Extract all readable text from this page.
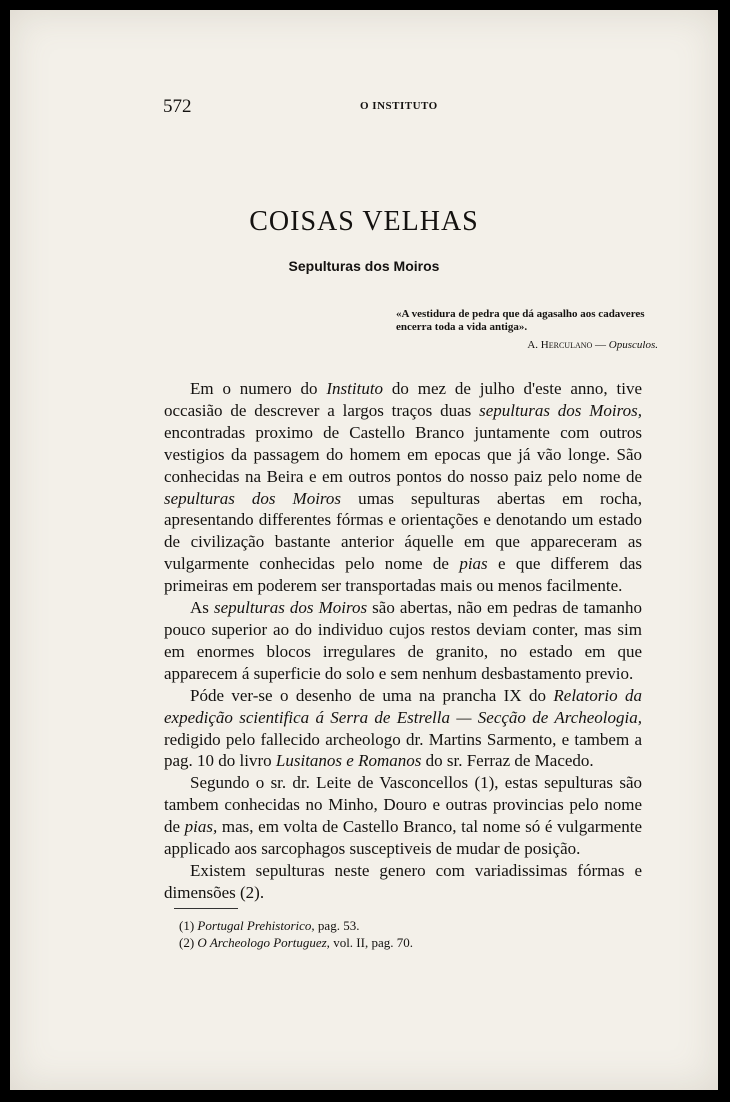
572	O INSTITUTO
COISAS VELHAS
Sepulturas dos Moiros

«A vestidura de pedra que dá agasalho aos cadaveres encerra toda a vida antiga».

A. Herculano — Opusculos.

Em o numero do Instituto do mez de julho d'este anno, tive occasião de descrever a largos traços duas sepulturas dos Moiros, encontradas proximo de Castello Branco juntamente com outros vestigios da passagem do homem em epocas que já vão longe. São conhecidas na Beira e em outros pontos do nosso paiz pelo nome de sepulturas dos Moiros umas sepulturas abertas em rocha, apresentando differentes fórmas e orientações e denotando um estado de civilização bastante anterior áquelle em que appareceram as vulgarmente conhecidas pelo nome de pias e que differem das primeiras em poderem ser transportadas mais ou menos facilmente.

As sepulturas dos Moiros são abertas, não em pedras de tamanho pouco superior ao do individuo cujos restos deviam conter, mas sim em enormes blocos irregulares de granito, no estado em que apparecem á superficie do solo e sem nenhum desbastamento previo.

Póde ver-se o desenho de uma na prancha IX do Relatorio da expedição scientifica á Serra de Estrella — Secção de Archeologia, redigido pelo fallecido archeologo dr. Martins Sarmento, e tambem a pag. 10 do livro Lusitanos e Romanos do sr. Ferraz de Macedo.

Segundo o sr. dr. Leite de Vasconcellos (1), estas sepulturas são tambem conhecidas no Minho, Douro e outras provincias pelo nome de pias, mas, em volta de Castello Branco, tal nome só é vulgarmente applicado aos sarcophagos susceptiveis de mudar de posição.

Existem sepulturas neste genero com variadissimas fórmas e dimensões (2).

(1) Portugal Prehistorico, pag. 53.

(2) O Archeologo Portuguez, vol. II, pag. 70.
